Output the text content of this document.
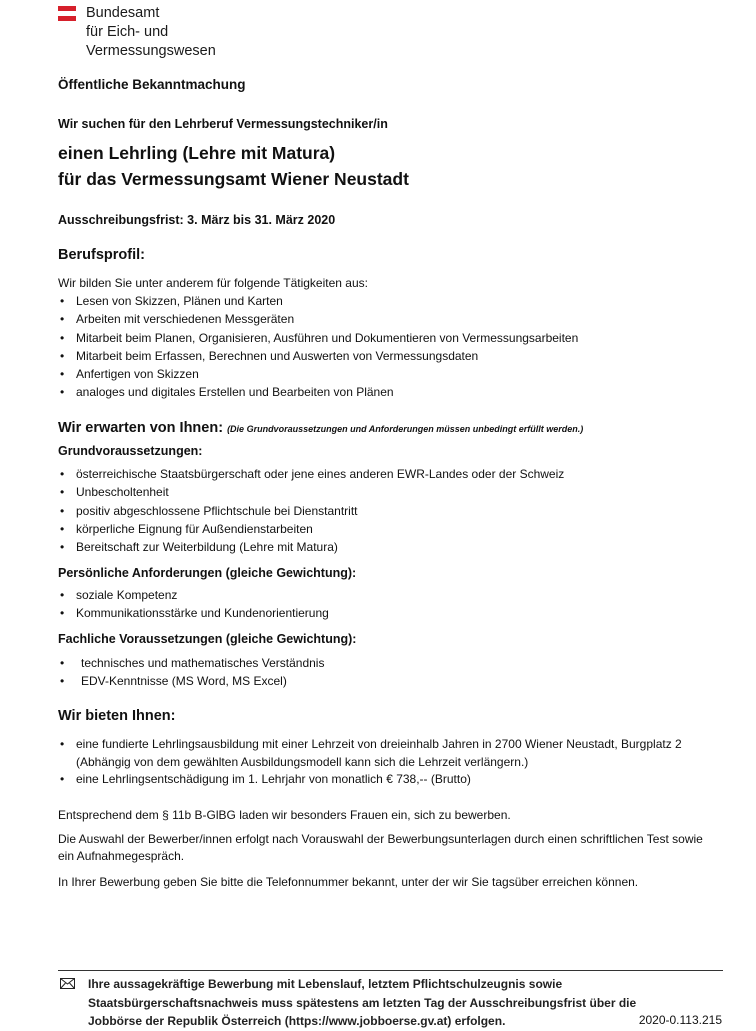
Bundesamt
für Eich- und
Vermessungswesen
Öffentliche Bekanntmachung
Wir suchen für den Lehrberuf Vermessungstechniker/in
einen Lehrling (Lehre mit Matura)
für das Vermessungsamt Wiener Neustadt
Ausschreibungsfrist: 3. März bis 31. März 2020
Berufsprofil:
Wir bilden Sie unter anderem für folgende Tätigkeiten aus:
• Lesen von Skizzen, Plänen und Karten
• Arbeiten mit verschiedenen Messgeräten
• Mitarbeit beim Planen, Organisieren, Ausführen und Dokumentieren von Vermessungsarbeiten
• Mitarbeit beim Erfassen, Berechnen und Auswerten von Vermessungsdaten
• Anfertigen von Skizzen
• analoges und digitales Erstellen und Bearbeiten von Plänen
Wir erwarten von Ihnen: (Die Grundvoraussetzungen und Anforderungen müssen unbedingt erfüllt werden.)
Grundvoraussetzungen:
• österreichische Staatsbürgerschaft oder jene eines anderen EWR-Landes oder der Schweiz
• Unbescholtenheit
• positiv abgeschlossene Pflichtschule bei Dienstantritt
• körperliche Eignung für Außendienstarbeiten
• Bereitschaft zur Weiterbildung (Lehre mit Matura)
Persönliche Anforderungen (gleiche Gewichtung):
• soziale Kompetenz
• Kommunikationsstärke und Kundenorientierung
Fachliche Voraussetzungen (gleiche Gewichtung):
• technisches und mathematisches Verständnis
• EDV-Kenntnisse (MS Word, MS Excel)
Wir bieten Ihnen:
• eine fundierte Lehrlingsausbildung mit einer Lehrzeit von dreieinhalb Jahren in 2700 Wiener Neustadt, Burgplatz 2 (Abhängig von dem gewählten Ausbildungsmodell kann sich die Lehrzeit verlängern.)
• eine Lehrlingsentschädigung im 1. Lehrjahr von monatlich € 738,-- (Brutto)
Entsprechend dem § 11b B-GlBG laden wir besonders Frauen ein, sich zu bewerben.
Die Auswahl der Bewerber/innen erfolgt nach Vorauswahl der Bewerbungsunterlagen durch einen schriftlichen Test sowie ein Aufnahmegespräch.
In Ihrer Bewerbung geben Sie bitte die Telefonnummer bekannt, unter der wir Sie tagsüber erreichen können.
Ihre aussagekräftige Bewerbung mit Lebenslauf, letztem Pflichtschulzeugnis sowie
Staatsbürgerschaftsnachweis muss spätestens am letzten Tag der Ausschreibungsfrist über die
Jobbörse der Republik Österreich (https://www.jobboerse.gv.at) erfolgen.	2020-0.113.215
